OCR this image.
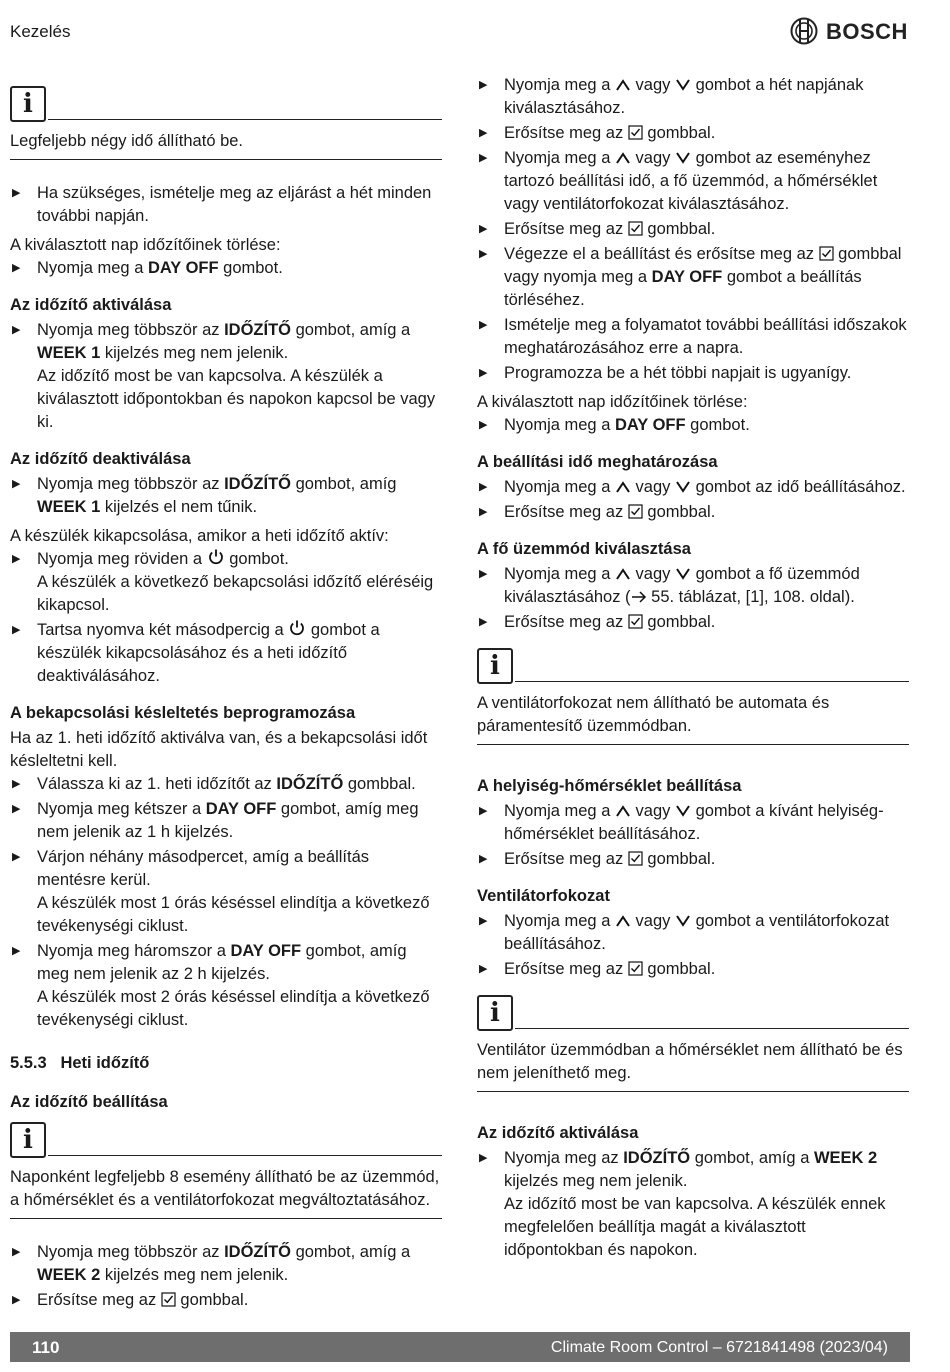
Kezelés	BOSCH
i
Legfeljebb négy idő állítható be.

▶ Ha szükséges, ismételje meg az eljárást a hét minden további napján.

A kiválasztott nap időzítőinek törlése:

▶ Nyomja meg a DAY OFF gombot.

Az időzítő aktiválása

▶ Nyomja meg többször az IDŐZÍTŐ gombot, amíg a WEEK 1 kijelzés meg nem jelenik.
Az időzítő most be van kapcsolva. A készülék a kiválasztott időpontokban és napokon kapcsol be vagy ki.

Az időzítő deaktiválása

▶ Nyomja meg többször az IDŐZÍTŐ gombot, amíg WEEK 1 kijelzés el nem tűnik.

A készülék kikapcsolása, amikor a heti időzítő aktív:

▶ Nyomja meg röviden a  gombot.
A készülék a következő bekapcsolási időzítő eléréséig kikapcsol.

▶ Tartsa nyomva két másodpercig a  gombot a készülék kikapcsolásához és a heti időzítő deaktiválásához.

A bekapcsolási késleltetés beprogramozása

Ha az 1. heti időzítő aktiválva van, és a bekapcsolási időt késleltetni kell.

▶ Válassza ki az 1. heti időzítőt az IDŐZÍTŐ gombbal.

▶ Nyomja meg kétszer a DAY OFF gombot, amíg meg nem jelenik az 1 h kijelzés.

▶ Várjon néhány másodpercet, amíg a beállítás mentésre kerül.
A készülék most 1 órás késéssel elindítja a következő tevékenységi ciklust.

▶ Nyomja meg háromszor a DAY OFF gombot, amíg meg nem jelenik az 2 h kijelzés.
A készülék most 2 órás késéssel elindítja a következő tevékenységi ciklust.

5.5.3 Heti időzítő
Az időzítő beállítása
i
Naponként legfeljebb 8 esemény állítható be az üzemmód, a hőmérséklet és a ventilátorfokozat megváltoztatásához.

▶ Nyomja meg többször az IDŐZÍTŐ gombot, amíg a WEEK 2 kijelzés meg nem jelenik.

▶ Erősítse meg az  gombbal.

▶ Nyomja meg a  vagy  gombot a hét napjának kiválasztásához.

▶ Erősítse meg az  gombbal.

▶ Nyomja meg a  vagy  gombot az eseményhez tartozó beállítási idő, a fő üzemmód, a hőmérséklet vagy ventilátorfokozat kiválasztásához.

▶ Erősítse meg az  gombbal.

▶ Végezze el a beállítást és erősítse meg az  gombbal vagy nyomja meg a DAY OFF gombot a beállítás törléséhez.

▶ Ismételje meg a folyamatot további beállítási időszakok meghatározásához erre a napra.

▶ Programozza be a hét többi napjait is ugyanígy.

A kiválasztott nap időzítőinek törlése:

▶ Nyomja meg a DAY OFF gombot.

A beállítási idő meghatározása

▶ Nyomja meg a  vagy  gombot az idő beállításához.

▶ Erősítse meg az  gombbal.

A fő üzemmód kiválasztása

▶ Nyomja meg a  vagy  gombot a fő üzemmód kiválasztásához ( 55. táblázat, [1], 108. oldal).

▶ Erősítse meg az  gombbal.

i
A ventilátorfokozat nem állítható be automata és páramentesítő üzemmódban.
A helyiség-hőmérséklet beállítása

▶ Nyomja meg a  vagy  gombot a kívánt helyiség-hőmérséklet beállításához.

▶ Erősítse meg az  gombbal.

Ventilátorfokozat

▶ Nyomja meg a  vagy  gombot a ventilátorfokozat beállításához.

▶ Erősítse meg az  gombbal.

i
Ventilátor üzemmódban a hőmérséklet nem állítható be és nem jeleníthető meg.
Az időzítő aktiválása

▶ Nyomja meg az IDŐZÍTŐ gombot, amíg a WEEK 2 kijelzés meg nem jelenik.
Az időzítő most be van kapcsolva. A készülék ennek megfelelően beállítja magát a kiválasztott időpontokban és napokon.

110	Climate Room Control – 6721841498 (2023/04)
